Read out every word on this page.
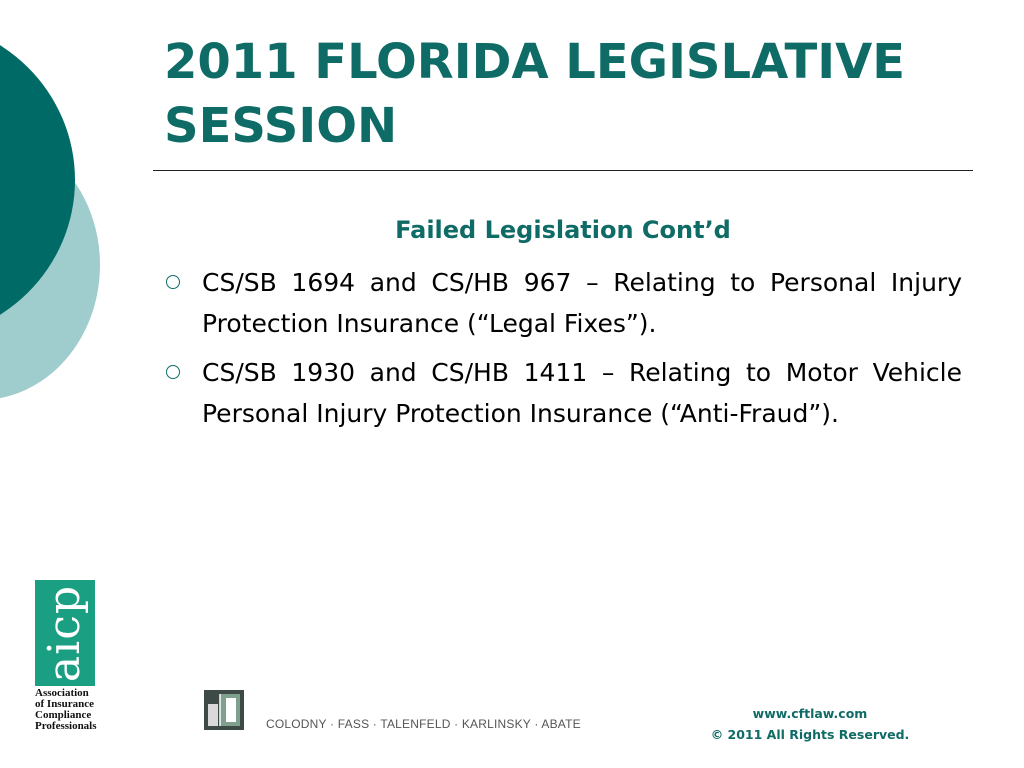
2011 FLORIDA LEGISLATIVE SESSION
Failed Legislation Cont’d
CS/SB 1694 and CS/HB 967 – Relating to Personal Injury Protection Insurance (“Legal Fixes”).
CS/SB 1930 and CS/HB 1411 – Relating to Motor Vehicle Personal Injury Protection Insurance (“Anti-Fraud”).
aicp
Association
of Insurance
Compliance
Professionals	COLODNY · FASS · TALENFELD · KARLINSKY · ABATE
www.cftlaw.com
© 2011 All Rights Reserved.
